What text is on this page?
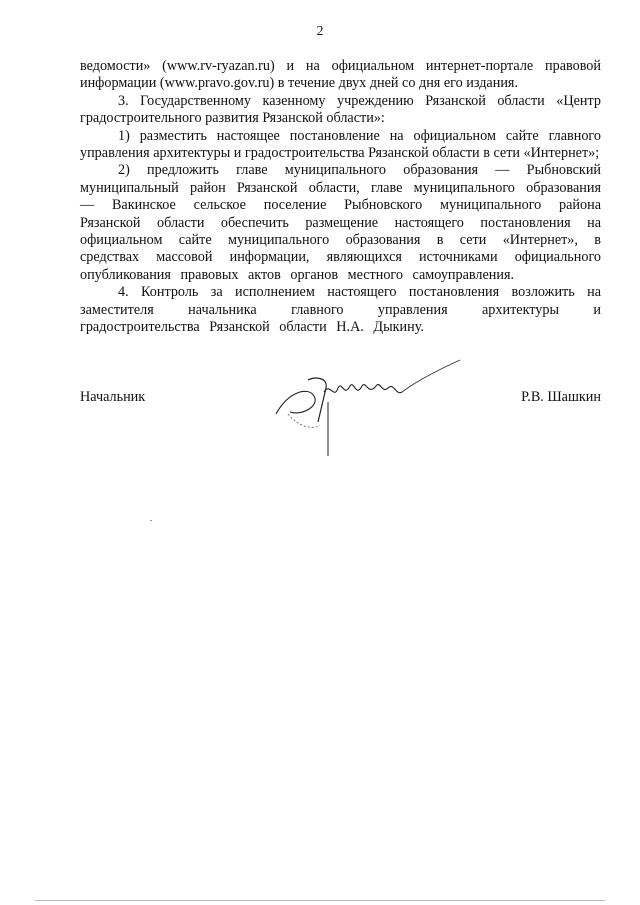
2

ведомости» (www.rv-ryazan.ru) и на официальном интернет-портале правовой информации (www.pravo.gov.ru) в течение двух дней со дня его издания.

3. Государственному казенному учреждению Рязанской области «Центр градостроительного развития Рязанской области»:

1) разместить настоящее постановление на официальном сайте главного управления архитектуры и градостроительства Рязанской области в сети «Интернет»;

2) предложить главе муниципального образования — Рыбновский муниципальный район Рязанской области, главе муниципального образования — Вакинское сельское поселение Рыбновского муниципального района Рязанской области обеспечить размещение настоящего постановления на официальном сайте муниципального образования в сети «Интернет», в средствах массовой информации, являющихся источниками официального опубликования правовых актов органов местного самоуправления.

4. Контроль за исполнением настоящего постановления возложить на заместителя начальника главного управления архитектуры и градостроительства Рязанской области Н.А. Дыкину.

Начальник	Р.В. Шашкин
